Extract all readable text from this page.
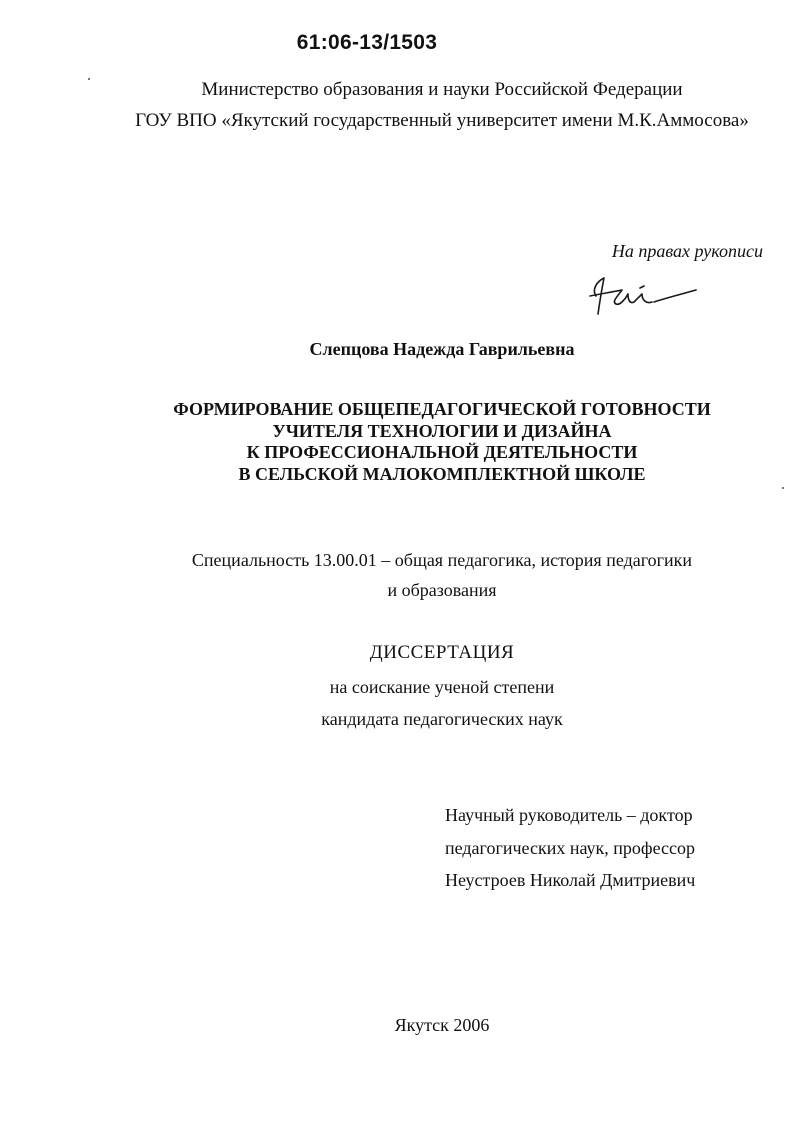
61:06-13/1503
Министерство образования и науки Российской Федерации
ГОУ ВПО «Якутский государственный университет имени М.К.Аммосова»
На правах рукописи
Слепцова Надежда Гаврильевна
ФОРМИРОВАНИЕ ОБЩЕПЕДАГОГИЧЕСКОЙ ГОТОВНОСТИ
УЧИТЕЛЯ ТЕХНОЛОГИИ И ДИЗАЙНА
К ПРОФЕССИОНАЛЬНОЙ ДЕЯТЕЛЬНОСТИ
В СЕЛЬСКОЙ МАЛОКОМПЛЕКТНОЙ ШКОЛЕ
Специальность 13.00.01 – общая педагогика, история педагогики
и образования
ДИССЕРТАЦИЯ
на соискание ученой степени
кандидата педагогических наук
Научный руководитель – доктор
педагогических наук, профессор
Неустроев Николай Дмитриевич
Якутск 2006
